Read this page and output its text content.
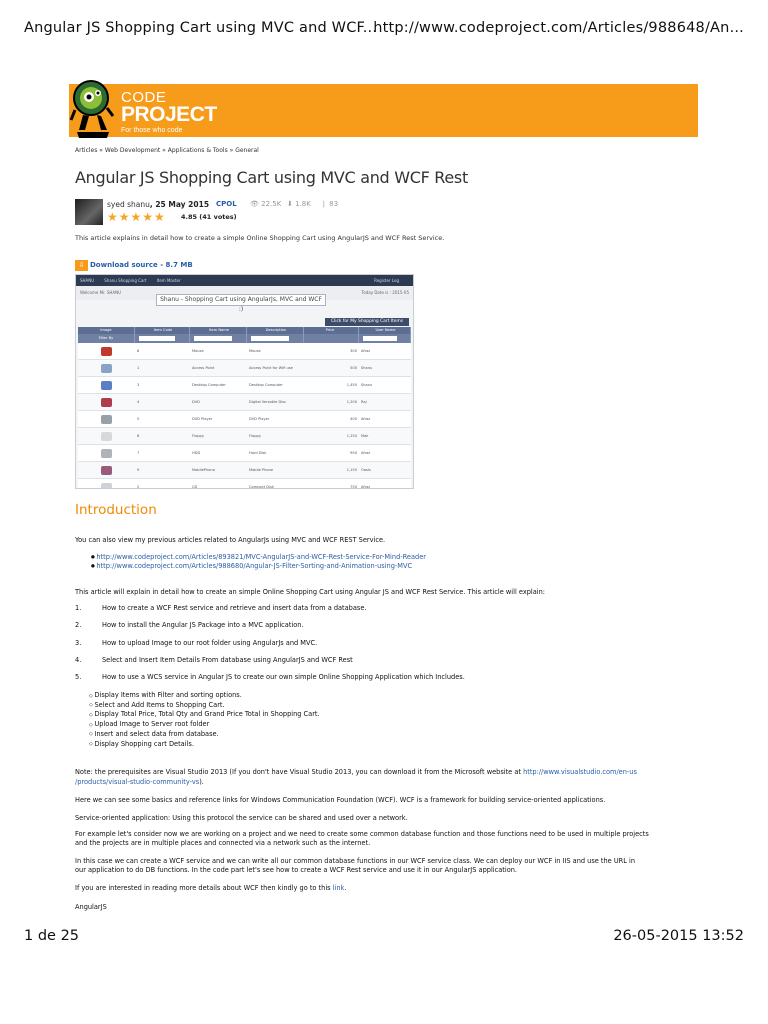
Angular JS Shopping Cart using MVC and WCF...
http://www.codeproject.com/Articles/988648/An...
CODE
PROJECT
For those who code
Articles » Web Development » Applications & Tools » General
Angular JS Shopping Cart using MVC and WCF Rest
syed shanu, 25 May 2015 CPOL 👁 22.5K ⬇ 1.8K ❘ 83
★★★★★ 4.85 (41 votes)
This article explains in detail how to create a simple Online Shopping Cart using AngularJS and WCF Rest Service.
⇩ Download source - 8.7 MB
SHANU	Shanu Shopping Cart	Item Master	Register Log
Welcome Mr. SHANU	Today Date is : 2015-05
Shanu - Shopping Cart using AngularJs, MVC and WCF :)
Click for My Shopping Cart Items
Image	Item Code	Item Name	Description	Price	User Name
Filter By
8	Mouse	Mouse	300	Afraz
1	Access Point	Access Point for Wifi use	500	Shanu
3	Desktop Computer	Desktop Computer	1,450	Shanu
4	DVD	Digital Versatile Disc	1,200	Raj
5	DVD Player	DVD Player	400	Afraz
6	Floppy	Floppy	1,250	Mak
7	HDD	Hard Disk	950	Afraz
9	MobilePhone	Mobile Phone	1,150	Oasis
2	CD	Compact Disk	750	Afraz
Introduction
You can also view my previous articles related to AngularJs using MVC and WCF REST Service.
● http://www.codeproject.com/Articles/893821/MVC-AngularJS-and-WCF-Rest-Service-For-Mind-Reader
● http://www.codeproject.com/Articles/988680/Angular-JS-Filter-Sorting-and-Animation-using-MVC
This article will explain in detail how to create an simple Online Shopping Cart using Angular JS and WCF Rest Service. This article will explain:
1.	How to create a WCF Rest service and retrieve and insert data from a database.
2.	How to install the Angular JS Package into a MVC application.
3.	How to upload Image to our root folder using AngularJs and MVC.
4.	Select and Insert Item Details From database using AngularJS and WCF Rest
5.	How to use a WCS service in Angular JS to create our own simple Online Shopping Application which Includes.
◇ Display Items with Filter and sorting options.
◇ Select and Add Items to Shopping Cart.
◇ Display Total Price, Total Qty and Grand Price Total in Shopping Cart.
◇ Upload Image to Server root folder
◇ Insert and select data from database.
◇ Display Shopping cart Details.
Note: the prerequisites are Visual Studio 2013 (If you don't have Visual Studio 2013, you can download it from the Microsoft website at http://www.visualstudio.com/en-us
/products/visual-studio-community-vs).
Here we can see some basics and reference links for Windows Communication Foundation (WCF). WCF is a framework for building service-oriented applications.
Service-oriented application: Using this protocol the service can be shared and used over a network.
For example let's consider now we are working on a project and we need to create some common database function and those functions need to be used in multiple projects
and the projects are in multiple places and connected via a network such as the internet.
In this case we can create a WCF service and we can write all our common database functions in our WCF service class. We can deploy our WCF in IIS and use the URL in
our application to do DB functions. In the code part let's see how to create a WCF Rest service and use it in our AngularJS application.
If you are interested in reading more details about WCF then kindly go to this link.
AngularJS
1 de 25	26-05-2015 13:52
